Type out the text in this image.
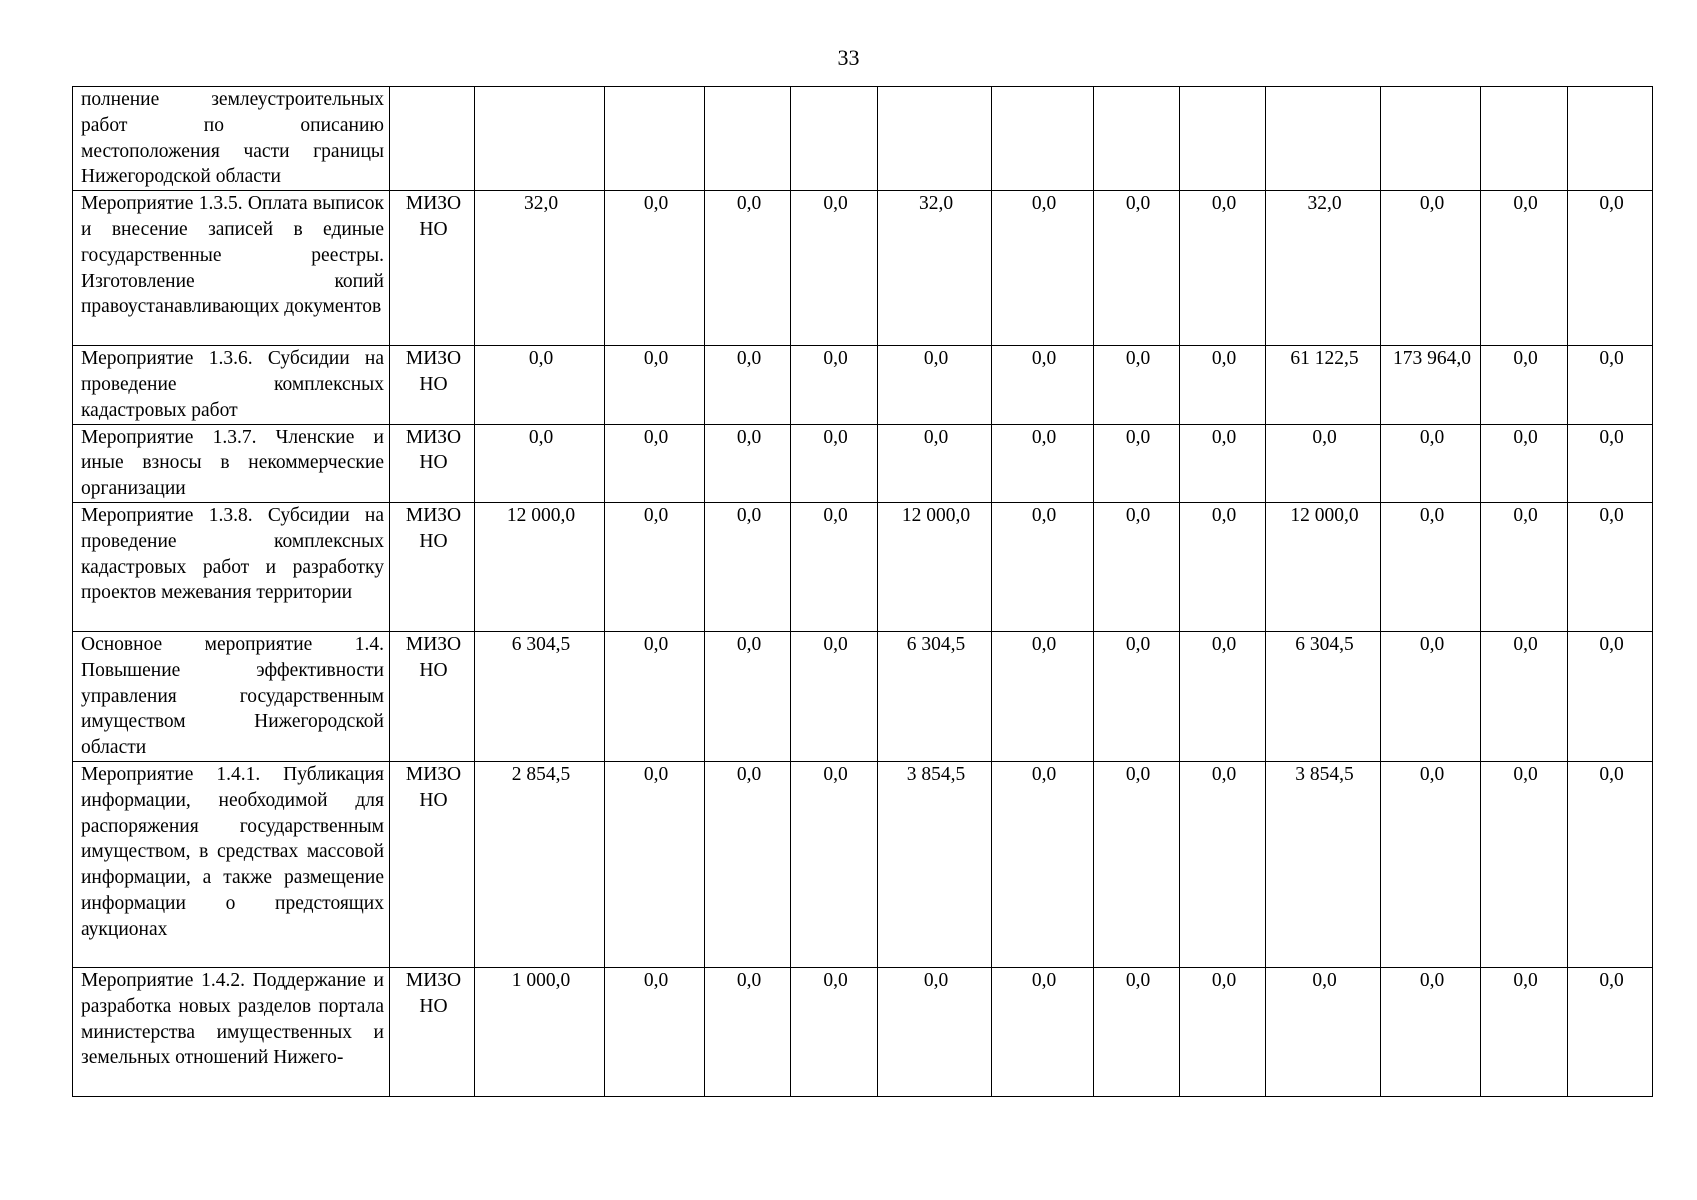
33
полнение землеустроительных работ по описанию местоположения части границы Нижегородской области													
Мероприятие 1.3.5. Оплата выписок и внесение записей в единые государственные реестры. Изготовление копий правоустанавливающих документов	МИЗО НО	32,0	0,0	0,0	0,0	32,0	0,0	0,0	0,0	32,0	0,0	0,0	0,0
Мероприятие 1.3.6. Субсидии на проведение комплексных кадастровых работ	МИЗО НО	0,0	0,0	0,0	0,0	0,0	0,0	0,0	0,0	61 122,5	173 964,0	0,0	0,0
Мероприятие 1.3.7. Членские и иные взносы в некоммерческие организации	МИЗО НО	0,0	0,0	0,0	0,0	0,0	0,0	0,0	0,0	0,0	0,0	0,0	0,0
Мероприятие 1.3.8. Субсидии на проведение комплексных кадастровых работ и разработку проектов межевания территории	МИЗО НО	12 000,0	0,0	0,0	0,0	12 000,0	0,0	0,0	0,0	12 000,0	0,0	0,0	0,0
Основное мероприятие 1.4. Повышение эффективности управления государственным имуществом Нижегородской области	МИЗО НО	6 304,5	0,0	0,0	0,0	6 304,5	0,0	0,0	0,0	6 304,5	0,0	0,0	0,0
Мероприятие 1.4.1. Публикация информации, необходимой для распоряжения государственным имуществом, в средствах массовой информации, а также размещение информации о предстоящих аукционах	МИЗО НО	2 854,5	0,0	0,0	0,0	3 854,5	0,0	0,0	0,0	3 854,5	0,0	0,0	0,0
Мероприятие 1.4.2. Поддержание и разработка новых разделов портала министерства имущественных и земельных отношений Нижего-	МИЗО НО	1 000,0	0,0	0,0	0,0	0,0	0,0	0,0	0,0	0,0	0,0	0,0	0,0
